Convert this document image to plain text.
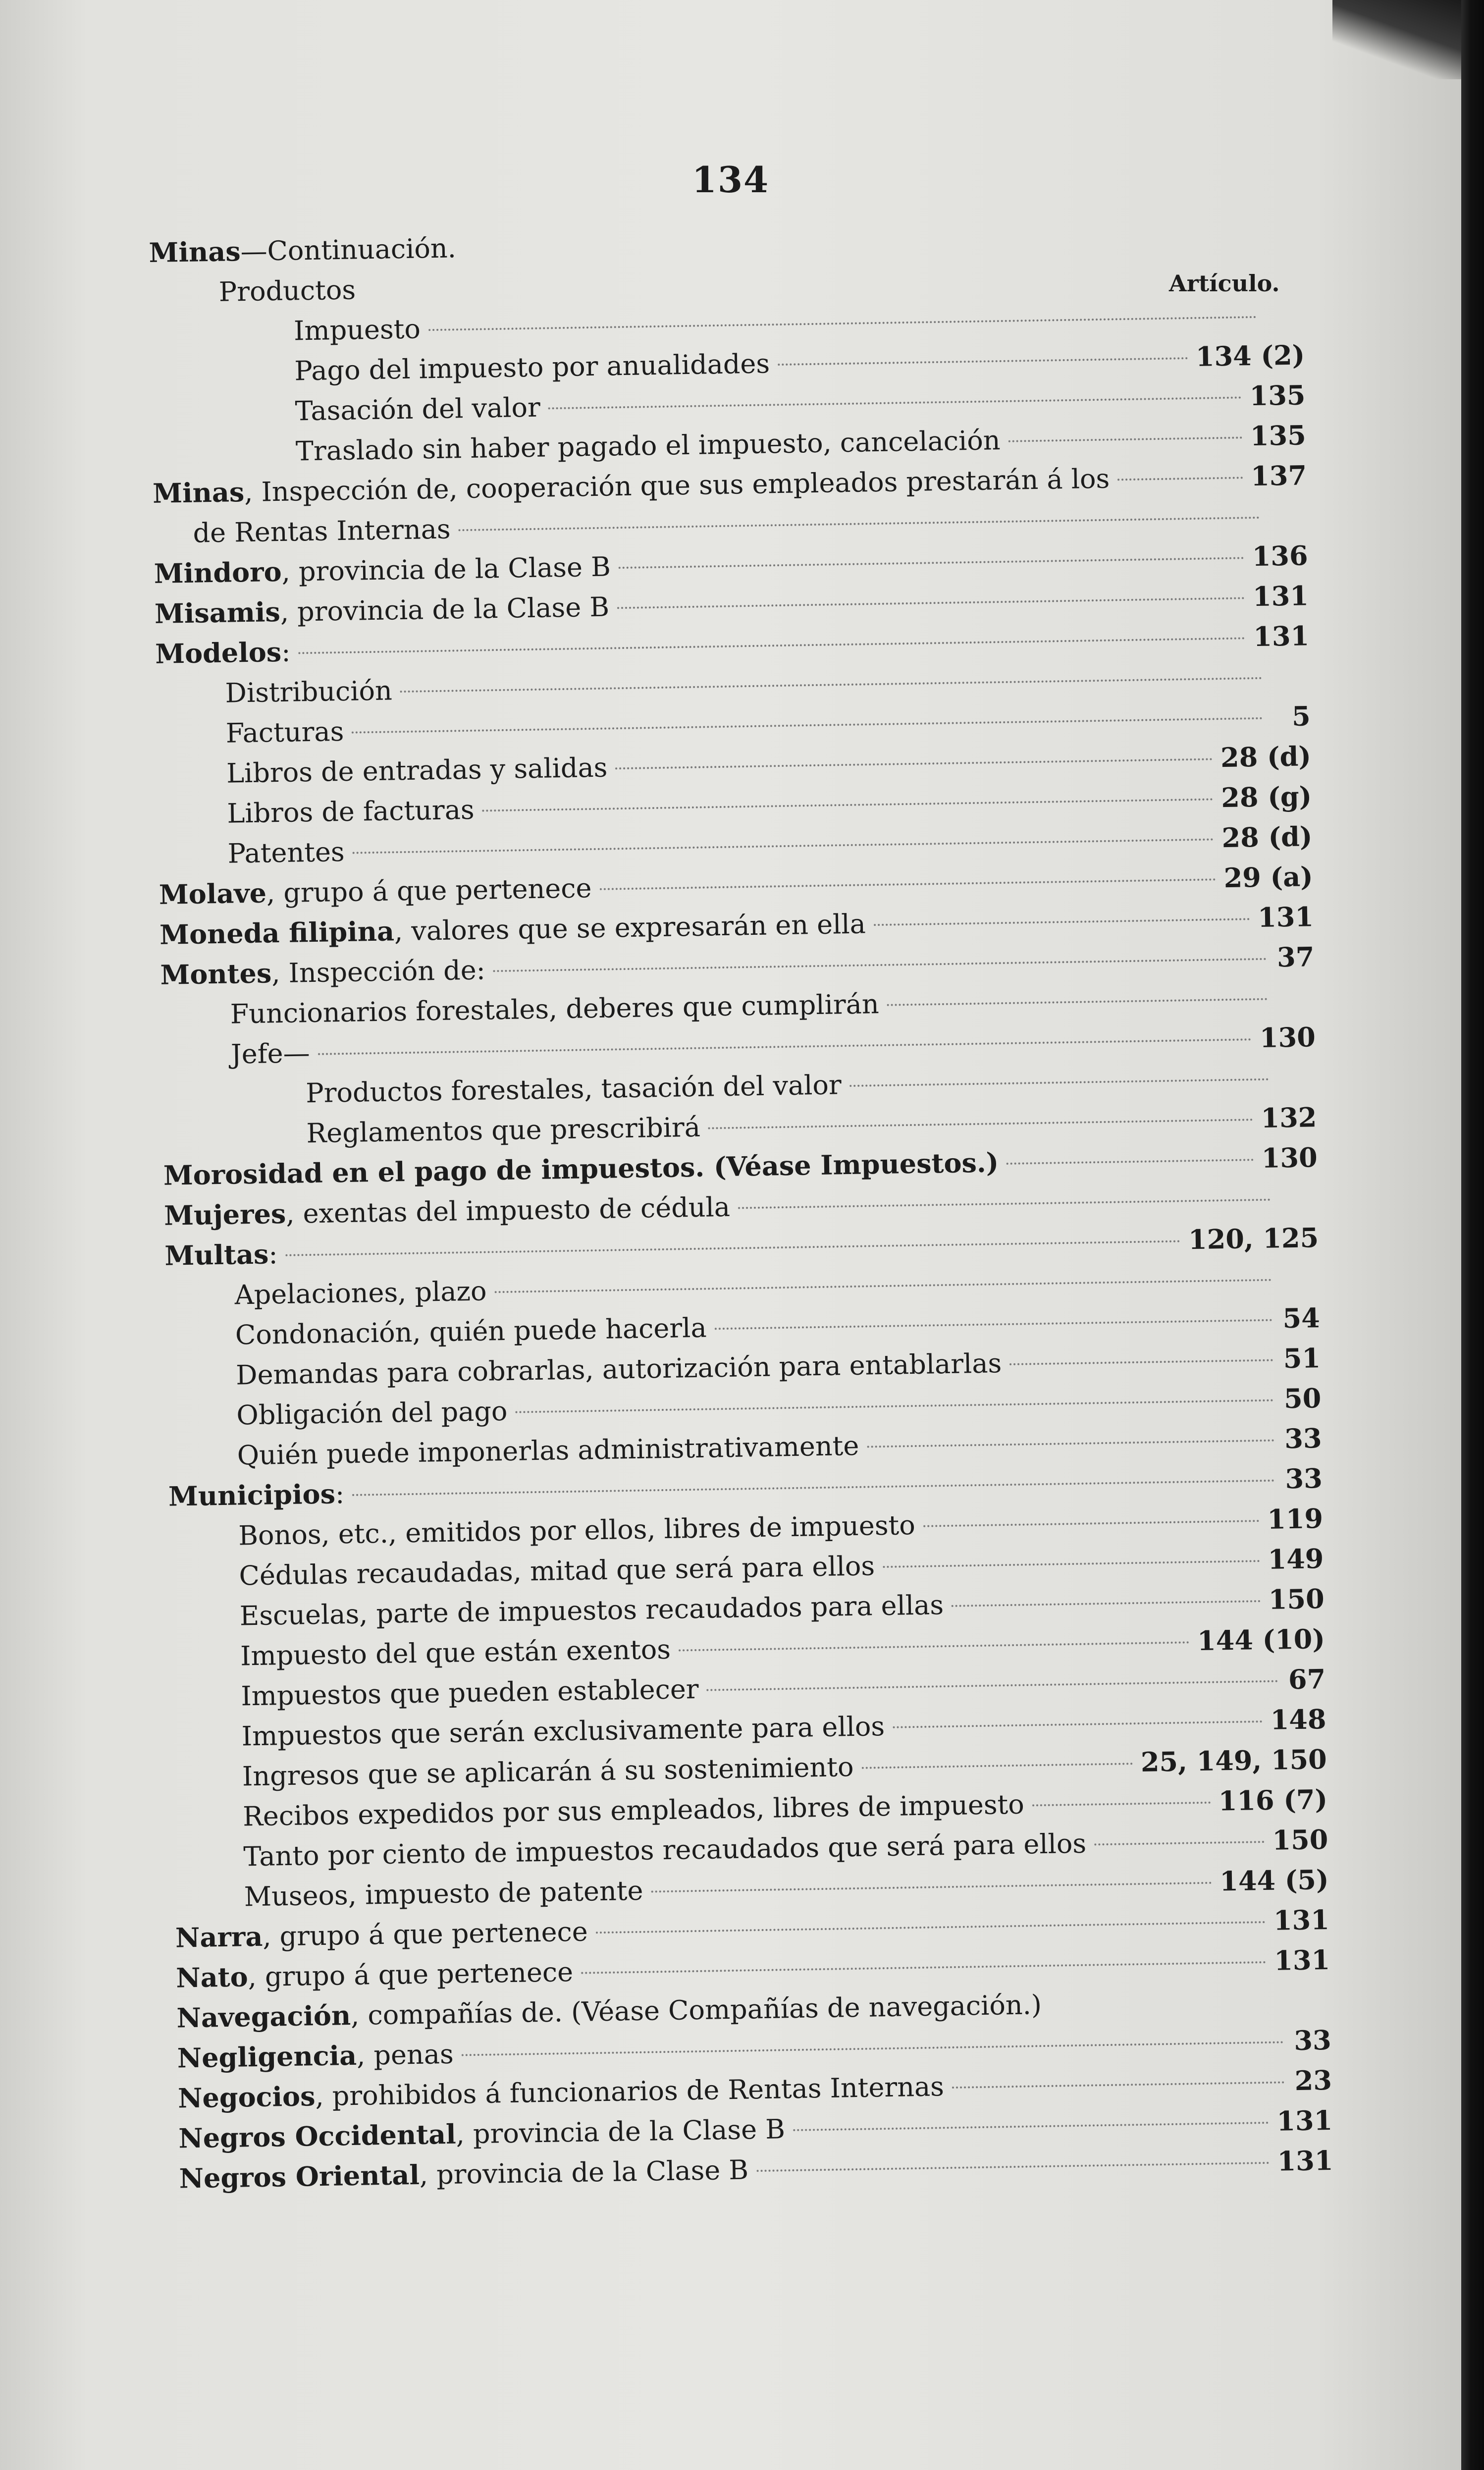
134
Artículo.
Minas—Continuación.
Productos
Impuesto
Pago del impuesto por anualidades	134 (2)
Tasación del valor	135
Traslado sin haber pagado el impuesto, cancelación	135
Minas, Inspección de, cooperación que sus empleados prestarán á los	137
de Rentas Internas
Mindoro, provincia de la Clase B	136
Misamis, provincia de la Clase B	131
Modelos:	131
Distribución
Facturas	5
Libros de entradas y salidas	28 (d)
Libros de facturas	28 (g)
Patentes	28 (d)
Molave, grupo á que pertenece	29 (a)
Moneda filipina, valores que se expresarán en ella	131
Montes, Inspección de:	37
Funcionarios forestales, deberes que cumplirán
Jefe—	130
Productos forestales, tasación del valor
Reglamentos que prescribirá	132
Morosidad en el pago de impuestos. (Véase Impuestos.)	130
Mujeres, exentas del impuesto de cédula
Multas:	120, 125
Apelaciones, plazo
Condonación, quién puede hacerla	54
Demandas para cobrarlas, autorización para entablarlas	51
Obligación del pago	50
Quién puede imponerlas administrativamente	33
Municipios:	33
Bonos, etc., emitidos por ellos, libres de impuesto	119
Cédulas recaudadas, mitad que será para ellos	149
Escuelas, parte de impuestos recaudados para ellas	150
Impuesto del que están exentos	144 (10)
Impuestos que pueden establecer	67
Impuestos que serán exclusivamente para ellos	148
Ingresos que se aplicarán á su sostenimiento	25, 149, 150
Recibos expedidos por sus empleados, libres de impuesto	116 (7)
Tanto por ciento de impuestos recaudados que será para ellos	150
Museos, impuesto de patente	144 (5)
Narra, grupo á que pertenece	131
Nato, grupo á que pertenece	131
Navegación, compañías de. (Véase Compañías de navegación.)
Negligencia, penas	33
Negocios, prohibidos á funcionarios de Rentas Internas	23
Negros Occidental, provincia de la Clase B	131
Negros Oriental, provincia de la Clase B	131
